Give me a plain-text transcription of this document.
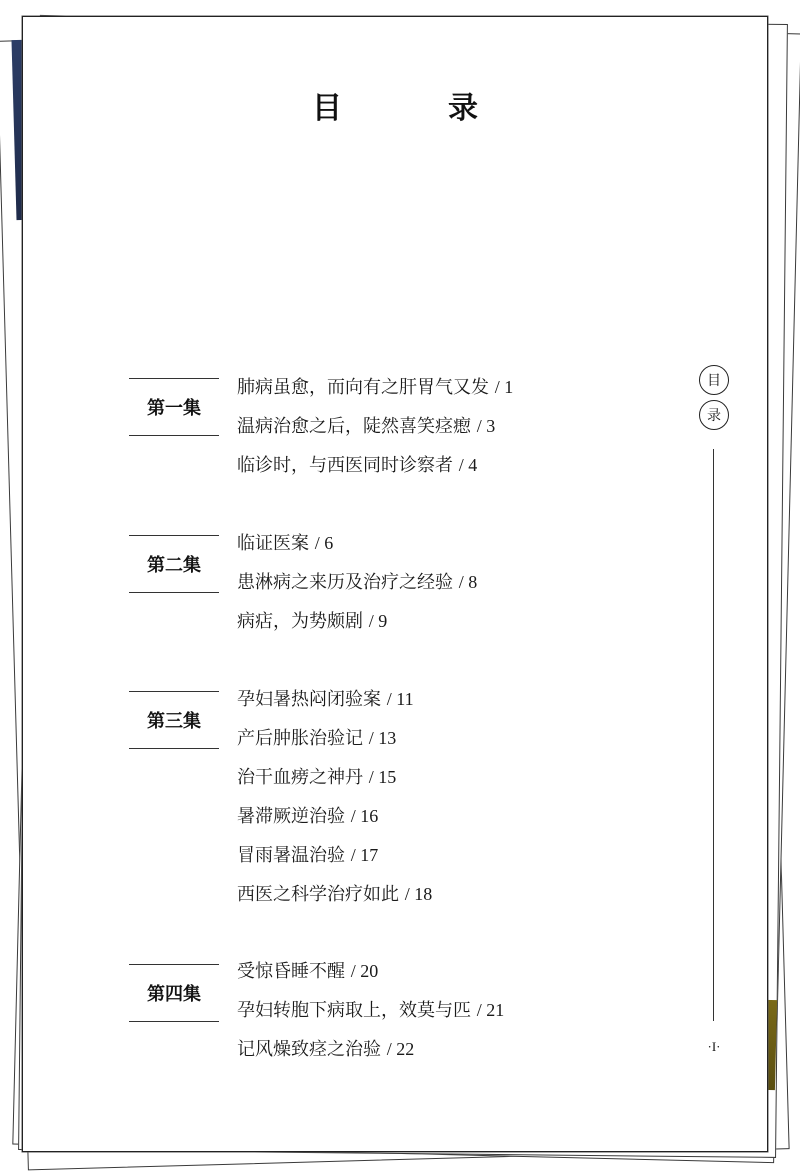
目　录
第一集
肺病虽愈，而向有之肝胃气又发 / 1
温病治愈之后，陡然喜笑痉瘛 / 3
临诊时，与西医同时诊察者 / 4
第二集
临证医案 / 6
患淋病之来历及治疗之经验 / 8
病痁，为势颇剧 / 9
第三集
孕妇暑热闷闭验案 / 11
产后肿胀治验记 / 13
治干血痨之神丹 / 15
暑滞厥逆治验 / 16
冒雨暑温治验 / 17
西医之科学治疗如此 / 18
第四集
受惊昏睡不醒 / 20
孕妇转胞下病取上，效莫与匹 / 21
记风燥致痉之治验 / 22
目
录
·I·
